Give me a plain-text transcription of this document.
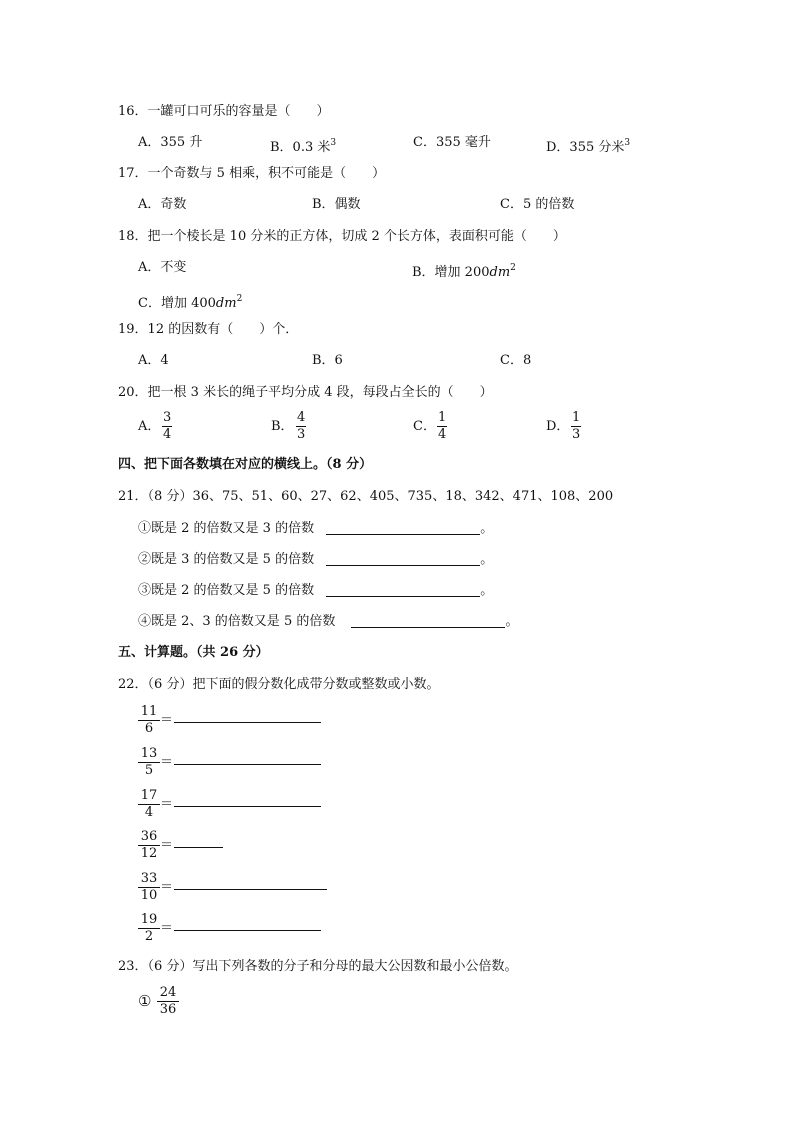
16．一罐可口可乐的容量是（　　）
A．355 升	B．0.3 米$^3$	C．355 毫升	D．355 分米$^3$
17．一个奇数与 5 相乘，积不可能是（　　）
A．奇数	B．偶数	C．5 的倍数
18．把一个棱长是 10 分米的正方体，切成 2 个长方体，表面积可能（　　）
A．不变	B．增加 $200dm^2$
C．增加 $400dm^2$
19．12 的因数有（　　）个．
A．4	B．6	C．8
20．把一根 3 米长的绳子平均分成 4 段，每段占全长的（　　）
A．
3
4
B．
4
3
C．
1
4
D．
1
3
四、把下面各数填在对应的横线上。（8 分）
21．（8 分）36、75、51、60、27、62、405、735、18、342、471、108、200
①既是 2 的倍数又是 3 的倍数	。
②既是 3 的倍数又是 5 的倍数	。
③既是 2 的倍数又是 5 的倍数	。
④既是 2、3 的倍数又是 5 的倍数	。
五、计算题。（共 26 分）
22．（6 分）把下面的假分数化成带分数或整数或小数。
11
6
＝
13
5
＝
17
4
＝
36
12
＝
33
10
＝
19
2
＝
23．（6 分）写出下列各数的分子和分母的最大公因数和最小公倍数。
① 24
36
